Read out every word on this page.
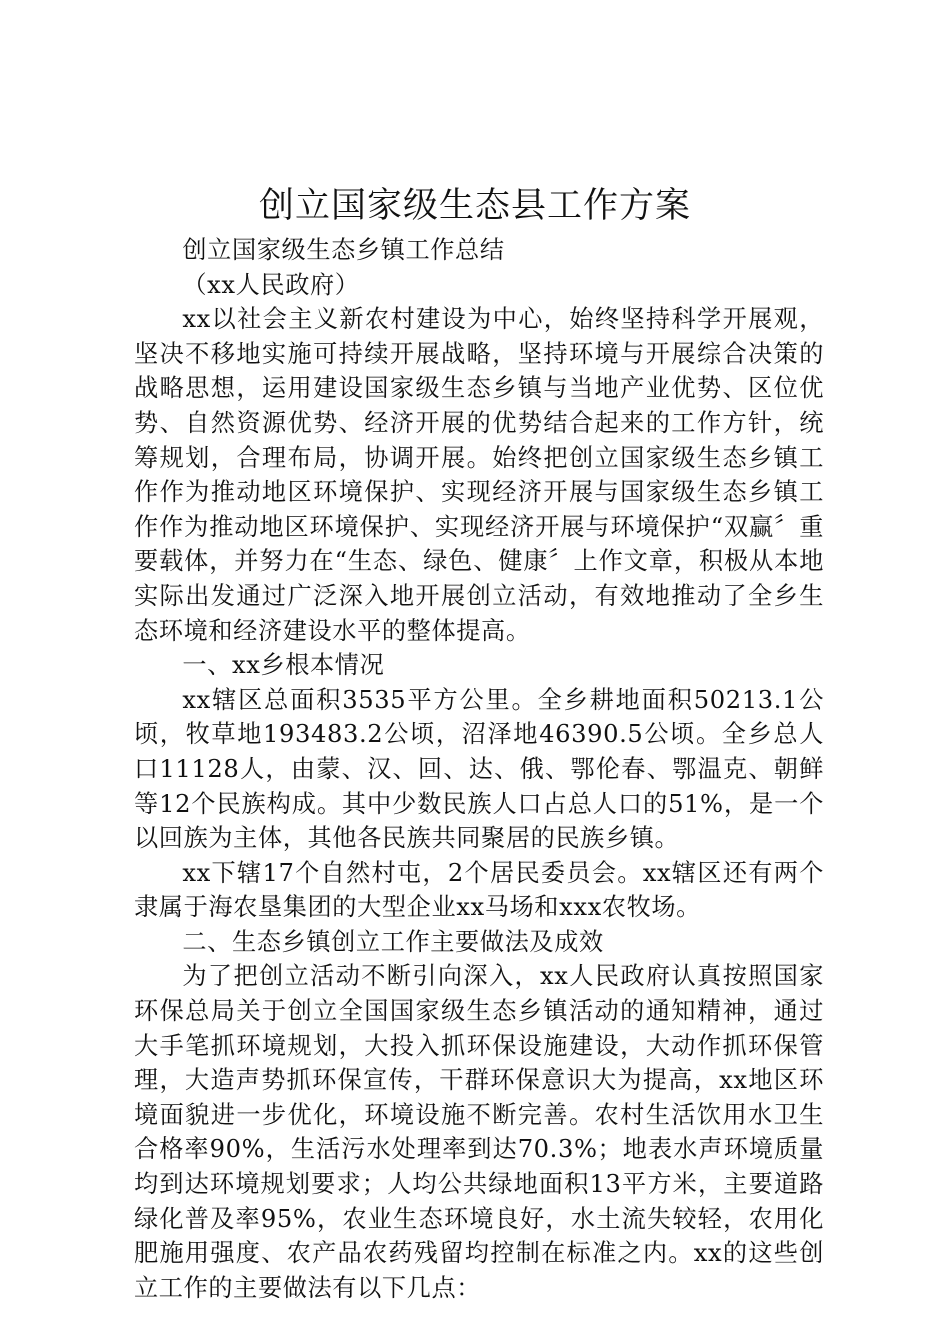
创立国家级生态县工作方案

创立国家级生态乡镇工作总结

（xx人民政府）

xx以社会主义新农村建设为中心，始终坚持科学开展观，坚决不移地实施可持续开展战略，坚持环境与开展综合决策的战略思想，运用建设国家级生态乡镇与当地产业优势、区位优势、自然资源优势、经济开展的优势结合起来的工作方针，统筹规划，合理布局，协调开展。始终把创立国家级生态乡镇工作作为推动地区环境保护、实现经济开展与国家级生态乡镇工作作为推动地区环境保护、实现经济开展与环境保护“双赢〞重要载体，并努力在“生态、绿色、健康〞上作文章，积极从本地实际出发通过广泛深入地开展创立活动，有效地推动了全乡生态环境和经济建设水平的整体提高。

一、xx乡根本情况

xx辖区总面积3535平方公里。全乡耕地面积50213.1公顷，牧草地193483.2公顷，沼泽地46390.5公顷。全乡总人口11128人，由蒙、汉、回、达、俄、鄂伦春、鄂温克、朝鲜等12个民族构成。其中少数民族人口占总人口的51%，是一个以回族为主体，其他各民族共同聚居的民族乡镇。

xx下辖17个自然村屯，2个居民委员会。xx辖区还有两个隶属于海农垦集团的大型企业xx马场和xxx农牧场。

二、生态乡镇创立工作主要做法及成效

为了把创立活动不断引向深入，xx人民政府认真按照国家环保总局关于创立全国国家级生态乡镇活动的通知精神，通过大手笔抓环境规划，大投入抓环保设施建设，大动作抓环保管理，大造声势抓环保宣传，干群环保意识大为提高，xx地区环境面貌进一步优化，环境设施不断完善。农村生活饮用水卫生合格率90%，生活污水处理率到达70.3%；地表水声环境质量均到达环境规划要求；人均公共绿地面积13平方米，主要道路绿化普及率95%，农业生态环境良好，水土流失较轻，农用化肥施用强度、农产品农药残留均控制在标准之内。xx的这些创立工作的主要做法有以下几点：
